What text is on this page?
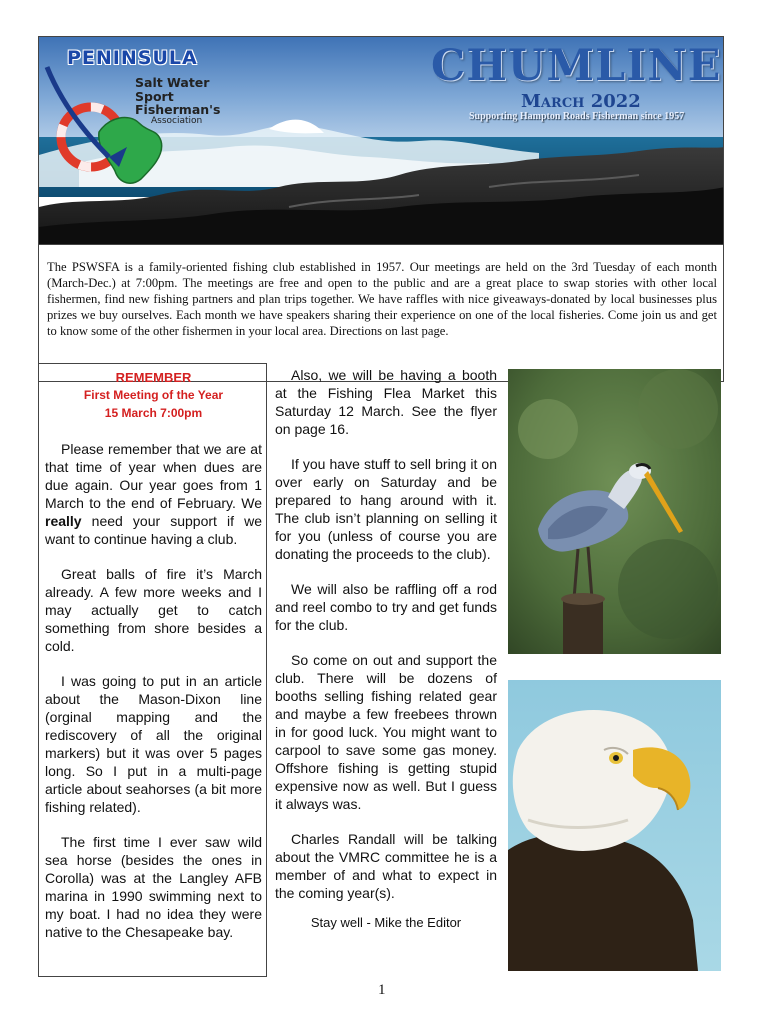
PENINSULA
Salt Water
Sport
Fisherman's
Association
CHUMLINE
March 2022
Supporting Hampton Roads Fisherman since 1957

The PSWSFA is a family-oriented fishing club established in 1957. Our meetings are held on the 3rd Tuesday of each month (March-Dec.) at 7:00pm. The meetings are free and open to the public and are a great place to swap stories with other local fishermen, find new fishing partners and plan trips together. We have raffles with nice giveaways-donated by local businesses plus prizes we buy ourselves. Each month we have speakers sharing their experience on one of the local fisheries. Come join us and get to know some of the other fishermen in your local area. Directions on last page.

REMEMBER
First Meeting of the Year
15 March 7:00pm

Please remember that we are at that time of year when dues are due again. Our year goes from 1 March to the end of February. We really need your support if we want to continue having a club.

Great balls of fire it’s March already. A few more weeks and I may actually get to catch something from shore besides a cold.

I was going to put in an article about the Mason-Dixon line (orginal mapping and the rediscovery of all the original markers) but it was over 5 pages long. So I put in a multi-page article about seahorses (a bit more fishing related).

The first time I ever saw wild sea horse (besides the ones in Corolla) was at the Langley AFB marina in 1990 swimming next to my boat. I had no idea they were native to the Chesapeake bay.

Also, we will be having a booth at the Fishing Flea Market this Saturday 12 March. See the flyer on page 16.

If you have stuff to sell bring it on over early on Saturday and be prepared to hang around with it. The club isn’t planning on selling it for you (unless of course you are donating the proceeds to the club).

We will also be raffling off a rod and reel combo to try and get funds for the club.

So come on out and support the club. There will be dozens of booths selling fishing related gear and maybe a few freebees thrown in for good luck. You might want to carpool to save some gas money. Offshore fishing is getting stupid expensive now as well. But I guess it always was.

Charles Randall will be talking about the VMRC committee he is a member of and what to expect in the coming year(s).

Stay well - Mike the Editor
1
